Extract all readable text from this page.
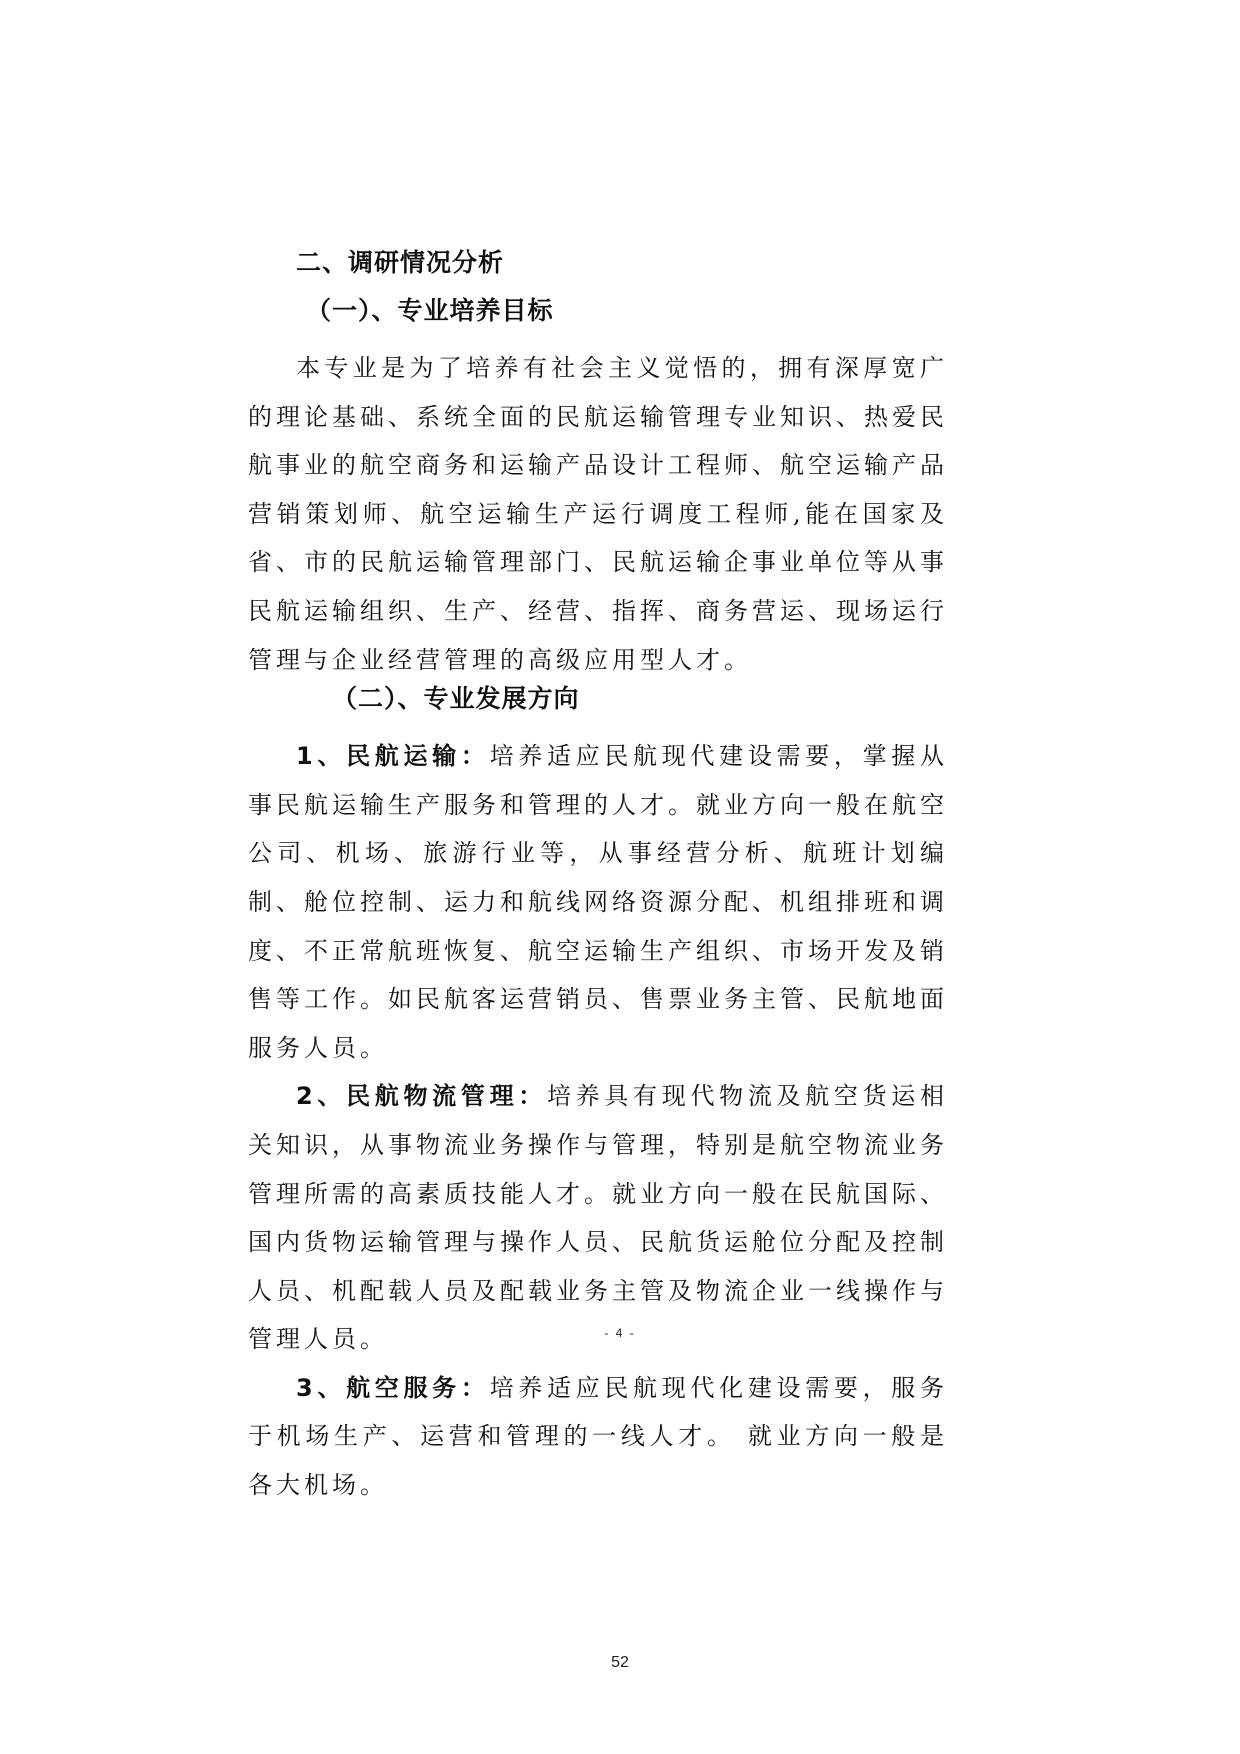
二、调研情况分析
（一）、专业培养目标

本专业是为了培养有社会主义觉悟的，拥有深厚宽广的理论基础、系统全面的民航运输管理专业知识、热爱民航事业的航空商务和运输产品设计工程师、航空运输产品营销策划师、航空运输生产运行调度工程师,能在国家及省、市的民航运输管理部门、民航运输企事业单位等从事民航运输组织、生产、经营、指挥、商务营运、现场运行管理与企业经营管理的高级应用型人才。

（二）、专业发展方向

1、民航运输：培养适应民航现代建设需要，掌握从事民航运输生产服务和管理的人才。就业方向一般在航空公司、机场、旅游行业等，从事经营分析、航班计划编制、舱位控制、运力和航线网络资源分配、机组排班和调度、不正常航班恢复、航空运输生产组织、市场开发及销售等工作。如民航客运营销员、售票业务主管、民航地面服务人员。

2、民航物流管理：培养具有现代物流及航空货运相关知识，从事物流业务操作与管理，特别是航空物流业务管理所需的高素质技能人才。就业方向一般在民航国际、国内货物运输管理与操作人员、民航货运舱位分配及控制人员、机配载人员及配载业务主管及物流企业一线操作与管理人员。

3、航空服务：培养适应民航现代化建设需要，服务于机场生产、运营和管理的一线人才。 就业方向一般是各大机场。

- 4 -
52
